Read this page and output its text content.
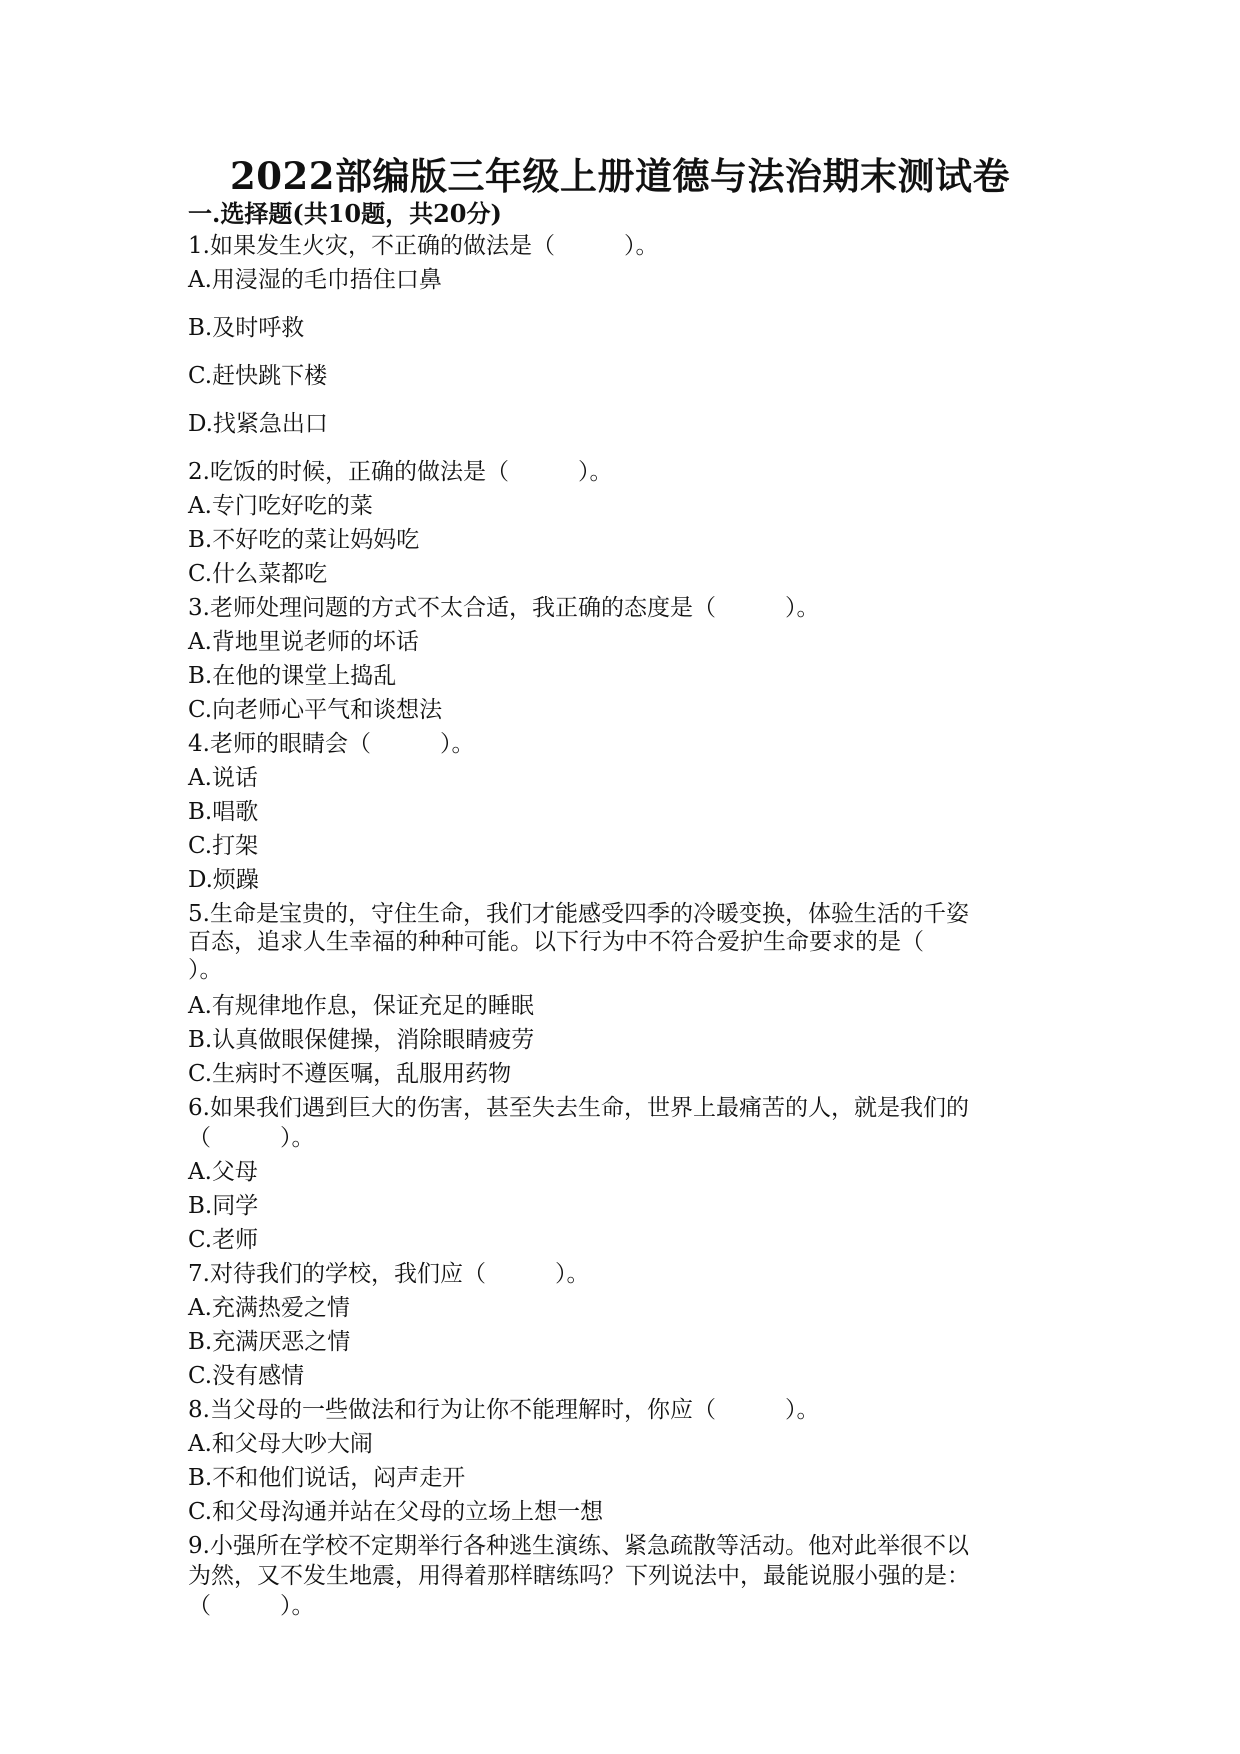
2022部编版三年级上册道德与法治期末测试卷
一.选择题(共10题，共20分)
1.如果发生火灾，不正确的做法是（　　　）。
A.用浸湿的毛巾捂住口鼻
B.及时呼救
C.赶快跳下楼
D.找紧急出口
2.吃饭的时候，正确的做法是（　　　）。
A.专门吃好吃的菜
B.不好吃的菜让妈妈吃
C.什么菜都吃
3.老师处理问题的方式不太合适，我正确的态度是（　　　）。
A.背地里说老师的坏话
B.在他的课堂上捣乱
C.向老师心平气和谈想法
4.老师的眼睛会（　　　）。
A.说话
B.唱歌
C.打架
D.烦躁
5.生命是宝贵的，守住生命，我们才能感受四季的冷暖变换，体验生活的千姿
百态，追求人生幸福的种种可能。以下行为中不符合爱护生命要求的是（
）。
A.有规律地作息，保证充足的睡眠
B.认真做眼保健操，消除眼睛疲劳
C.生病时不遵医嘱，乱服用药物
6.如果我们遇到巨大的伤害，甚至失去生命，世界上最痛苦的人，就是我们的
（　　　）。
A.父母
B.同学
C.老师
7.对待我们的学校，我们应（　　　）。
A.充满热爱之情
B.充满厌恶之情
C.没有感情
8.当父母的一些做法和行为让你不能理解时，你应（　　　）。
A.和父母大吵大闹
B.不和他们说话，闷声走开
C.和父母沟通并站在父母的立场上想一想
9.小强所在学校不定期举行各种逃生演练、紧急疏散等活动。他对此举很不以
为然，又不发生地震，用得着那样瞎练吗？下列说法中，最能说服小强的是：
（　　　）。
